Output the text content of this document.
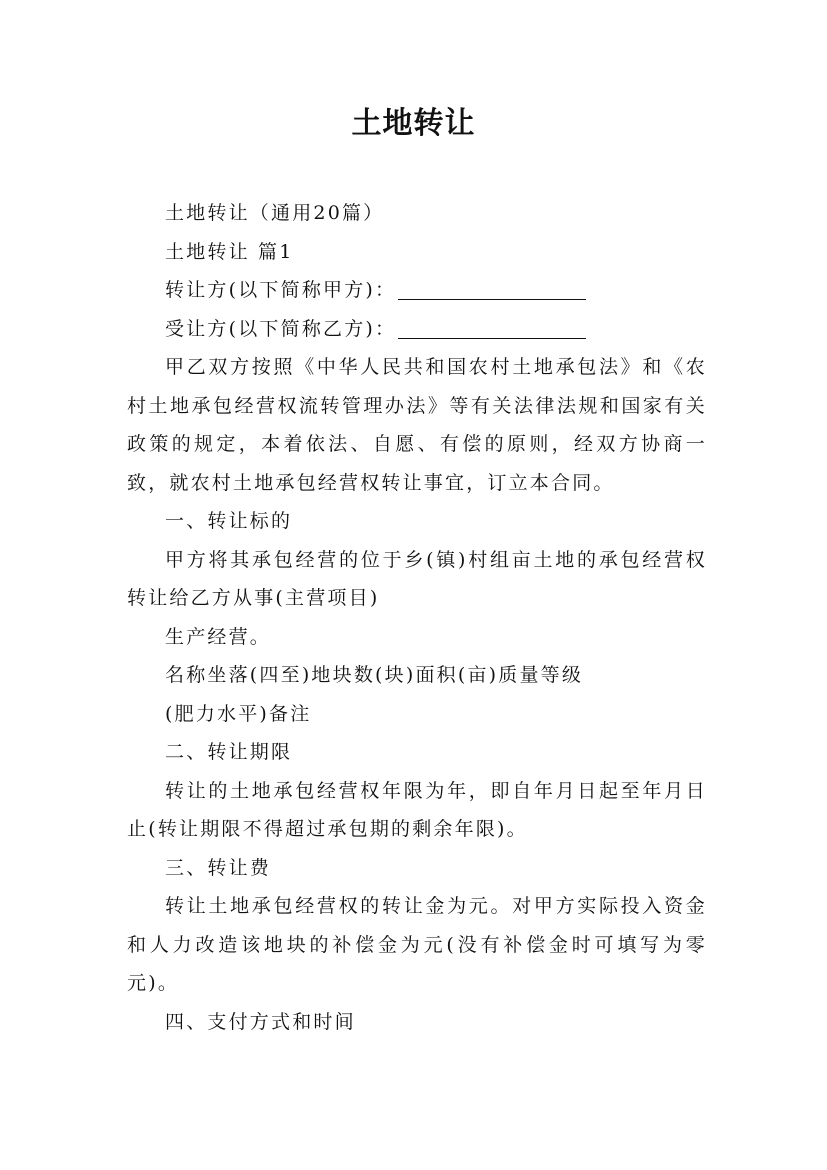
土地转让

土地转让（通用20篇）

土地转让 篇1

转让方(以下简称甲方)：

受让方(以下简称乙方)：

甲乙双方按照《中华人民共和国农村土地承包法》和《农村土地承包经营权流转管理办法》等有关法律法规和国家有关政策的规定，本着依法、自愿、有偿的原则，经双方协商一致，就农村土地承包经营权转让事宜，订立本合同。

一、转让标的

甲方将其承包经营的位于乡(镇)村组亩土地的承包经营权转让给乙方从事(主营项目)

生产经营。

名称坐落(四至)地块数(块)面积(亩)质量等级

(肥力水平)备注

二、转让期限

转让的土地承包经营权年限为年，即自年月日起至年月日止(转让期限不得超过承包期的剩余年限)。

三、转让费

转让土地承包经营权的转让金为元。对甲方实际投入资金和人力改造该地块的补偿金为元(没有补偿金时可填写为零元)。

四、支付方式和时间
